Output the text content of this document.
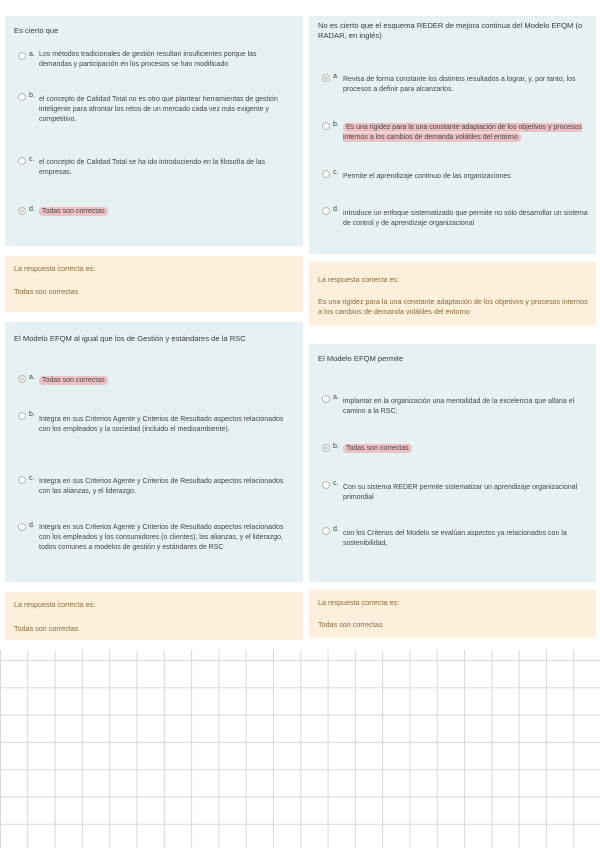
Es cierto que
a. Los métodos tradicionales de gestión resultan insuficientes porque las demandas y participación en los procesos se han modificado
b.
el concepto de Calidad Total no es otro que plantear herramientas de gestión inteligente para afrontar los retos de un mercado cada vez más exigente y competitivo.
c. el concepto de Calidad Total se ha ido introduciendo en la filosofía de las empresas.
d.	Todas son correctas
La respuesta correcta es:
Todas son correctas
No es cierto que el esquema REDER de mejora continua del Modelo EFQM (o RADAR, en inglés)
a. Revisa de forma constante los distintos resultados a lograr, y, por tanto, los procesos a definir para alcanzarlos.
b.	Es una rigidez para la una constante adaptación de los objetivos y procesos internos a los cambios de demanda volátiles del entorno
c.
Permite el aprendizaje continuo de las organizaciones
d.
introduce un enfoque sistematizado que permite no sólo desarrollar un sistema de control y de aprendizaje organizacional
La respuesta correcta es:
Es una rigidez para la una constante adaptación de los objetivos y procesos internos a los cambios de demanda volátiles del entorno
El Modelo EFQM al igual que los de Gestión y estándares de la RSC
a.	Todas son correctas
b.
Integra en sus Criterios Agente y Criterios de Resultado aspectos relacionados con los empleados y la sociedad (incluido el medioambiente).
c. Integra en sus Criterios Agente y Criterios de Resultado aspectos relacionados con las alianzas, y el liderazgo.
d. Integra en sus Criterios Agente y Criterios de Resultado aspectos relacionados con los empleados y los consumidores (o clientes), las alianzas, y el liderazgo, todos comunes a modelos de gestión y estándares de RSC
La respuesta correcta es:
Todas son correctas
El Modelo EFQM permite
a.
implantar en la organización una mentalidad de la excelencia que allana el camino a la RSC;
b.	Todas son correctas
c.
Con su sistema REDER permite sistematizar un aprendizaje organizacional primordial
d.
con los Criterios del Modelo se evalúan aspectos ya relacionados con la sostenibilidad,
La respuesta correcta es:
Todas son correctas
